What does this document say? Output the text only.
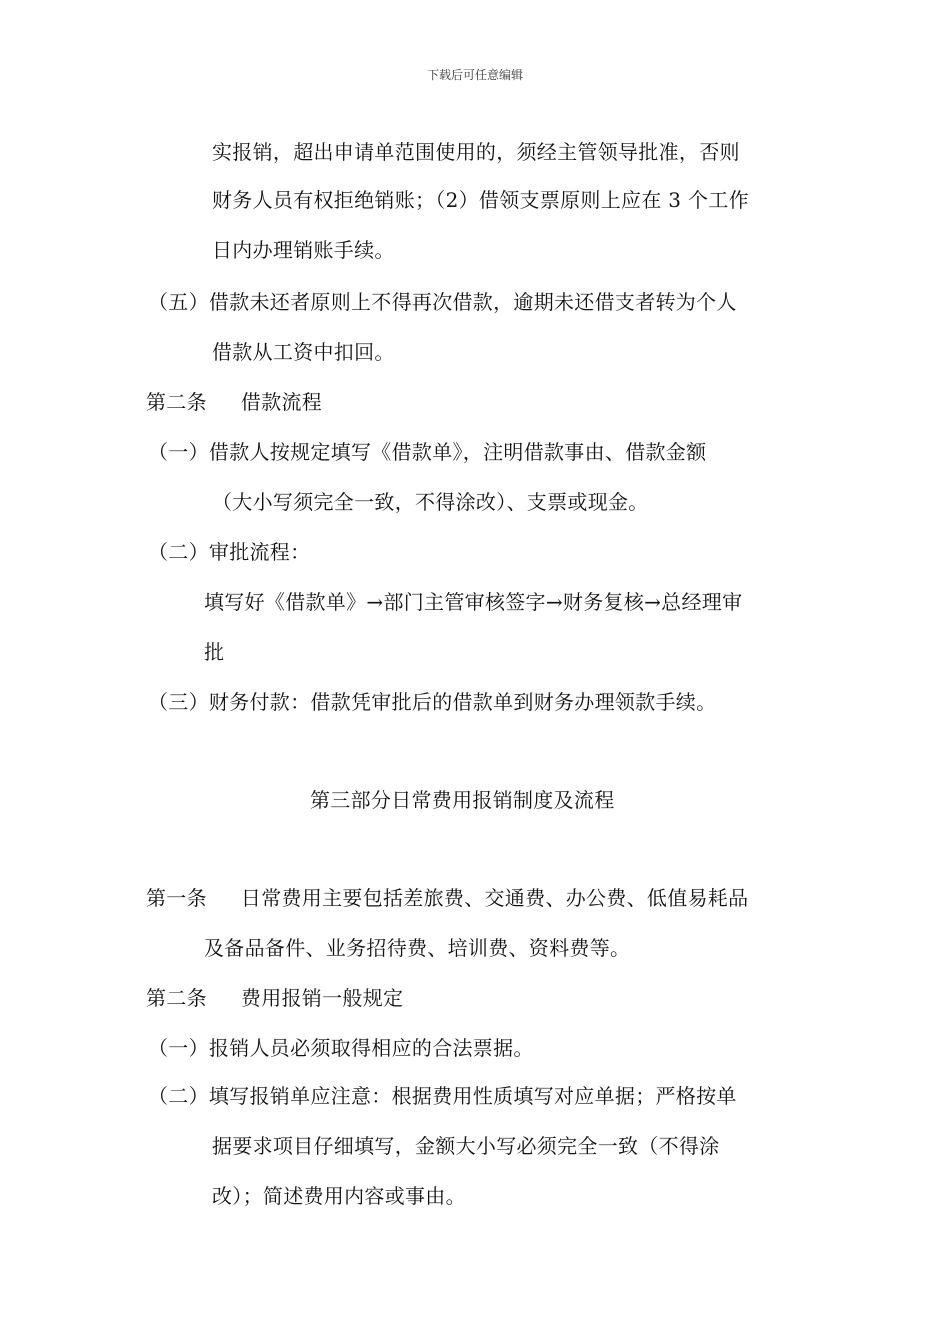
下载后可任意编辑
实报销，超出申请单范围使用的，须经主管领导批准，否则
财务人员有权拒绝销账；（2）借领支票原则上应在 3 个工作
日内办理销账手续。
（五）借款未还者原则上不得再次借款，逾期未还借支者转为个人
借款从工资中扣回。
第二条 借款流程
（一）借款人按规定填写《借款单》，注明借款事由、借款金额
（大小写须完全一致，不得涂改）、支票或现金。
（二）审批流程：
填写好《借款单》→部门主管审核签字→财务复核→总经理审
批
（三）财务付款：借款凭审批后的借款单到财务办理领款手续。
第三部分日常费用报销制度及流程
第一条 日常费用主要包括差旅费、交通费、办公费、低值易耗品
及备品备件、业务招待费、培训费、资料费等。
第二条 费用报销一般规定
（一）报销人员必须取得相应的合法票据。
（二）填写报销单应注意：根据费用性质填写对应单据；严格按单
据要求项目仔细填写，金额大小写必须完全一致（不得涂
改）；简述费用内容或事由。
